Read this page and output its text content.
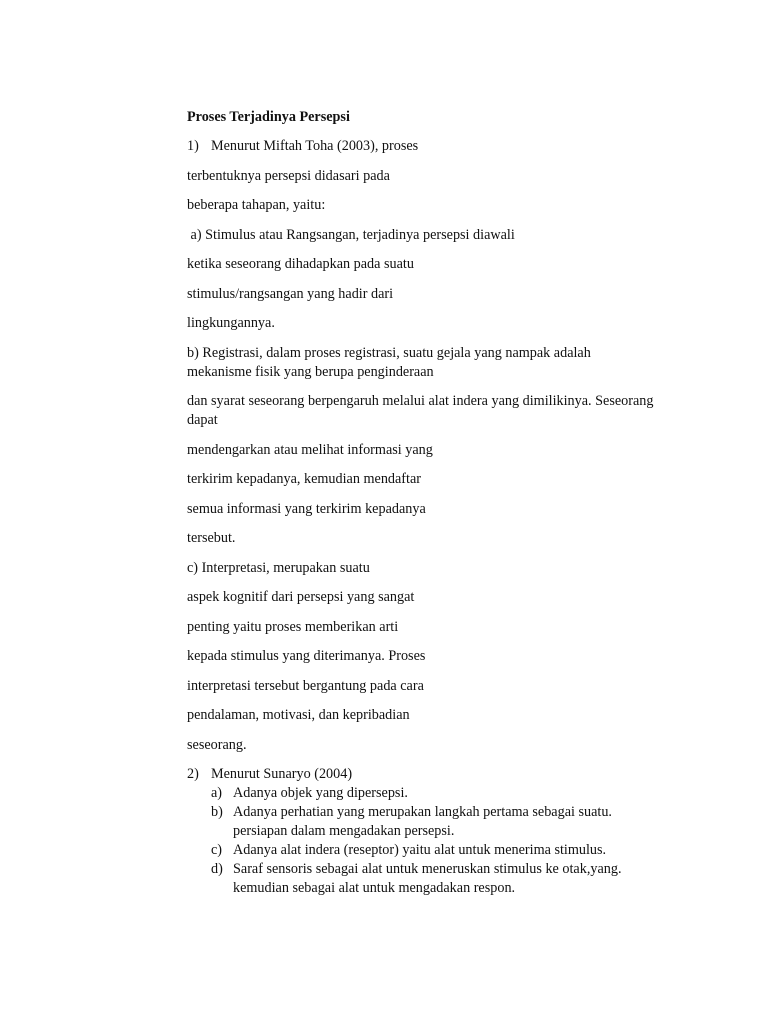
Proses Terjadinya Persepsi
1) Menurut Miftah Toha (2003), proses
terbentuknya persepsi didasari pada
beberapa tahapan, yaitu:
a) Stimulus atau Rangsangan, terjadinya persepsi diawali
ketika seseorang dihadapkan pada suatu
stimulus/rangsangan yang hadir dari
lingkungannya.
b) Registrasi, dalam proses registrasi, suatu gejala yang nampak adalah mekanisme fisik yang berupa penginderaan
dan syarat seseorang berpengaruh melalui alat indera yang dimilikinya. Seseorang dapat
mendengarkan atau melihat informasi yang
terkirim kepadanya, kemudian mendaftar
semua informasi yang terkirim kepadanya
tersebut.
c) Interpretasi, merupakan suatu
aspek kognitif dari persepsi yang sangat
penting yaitu proses memberikan arti
kepada stimulus yang diterimanya. Proses
interpretasi tersebut bergantung pada cara
pendalaman, motivasi, dan kepribadian
seseorang.
2) Menurut Sunaryo (2004)
a) Adanya objek yang dipersepsi.
b) Adanya perhatian yang merupakan langkah pertama sebagai suatu. persiapan dalam mengadakan persepsi.
c) Adanya alat indera (reseptor) yaitu alat untuk menerima stimulus.
d) Saraf sensoris sebagai alat untuk meneruskan stimulus ke otak,yang. kemudian sebagai alat untuk mengadakan respon.
